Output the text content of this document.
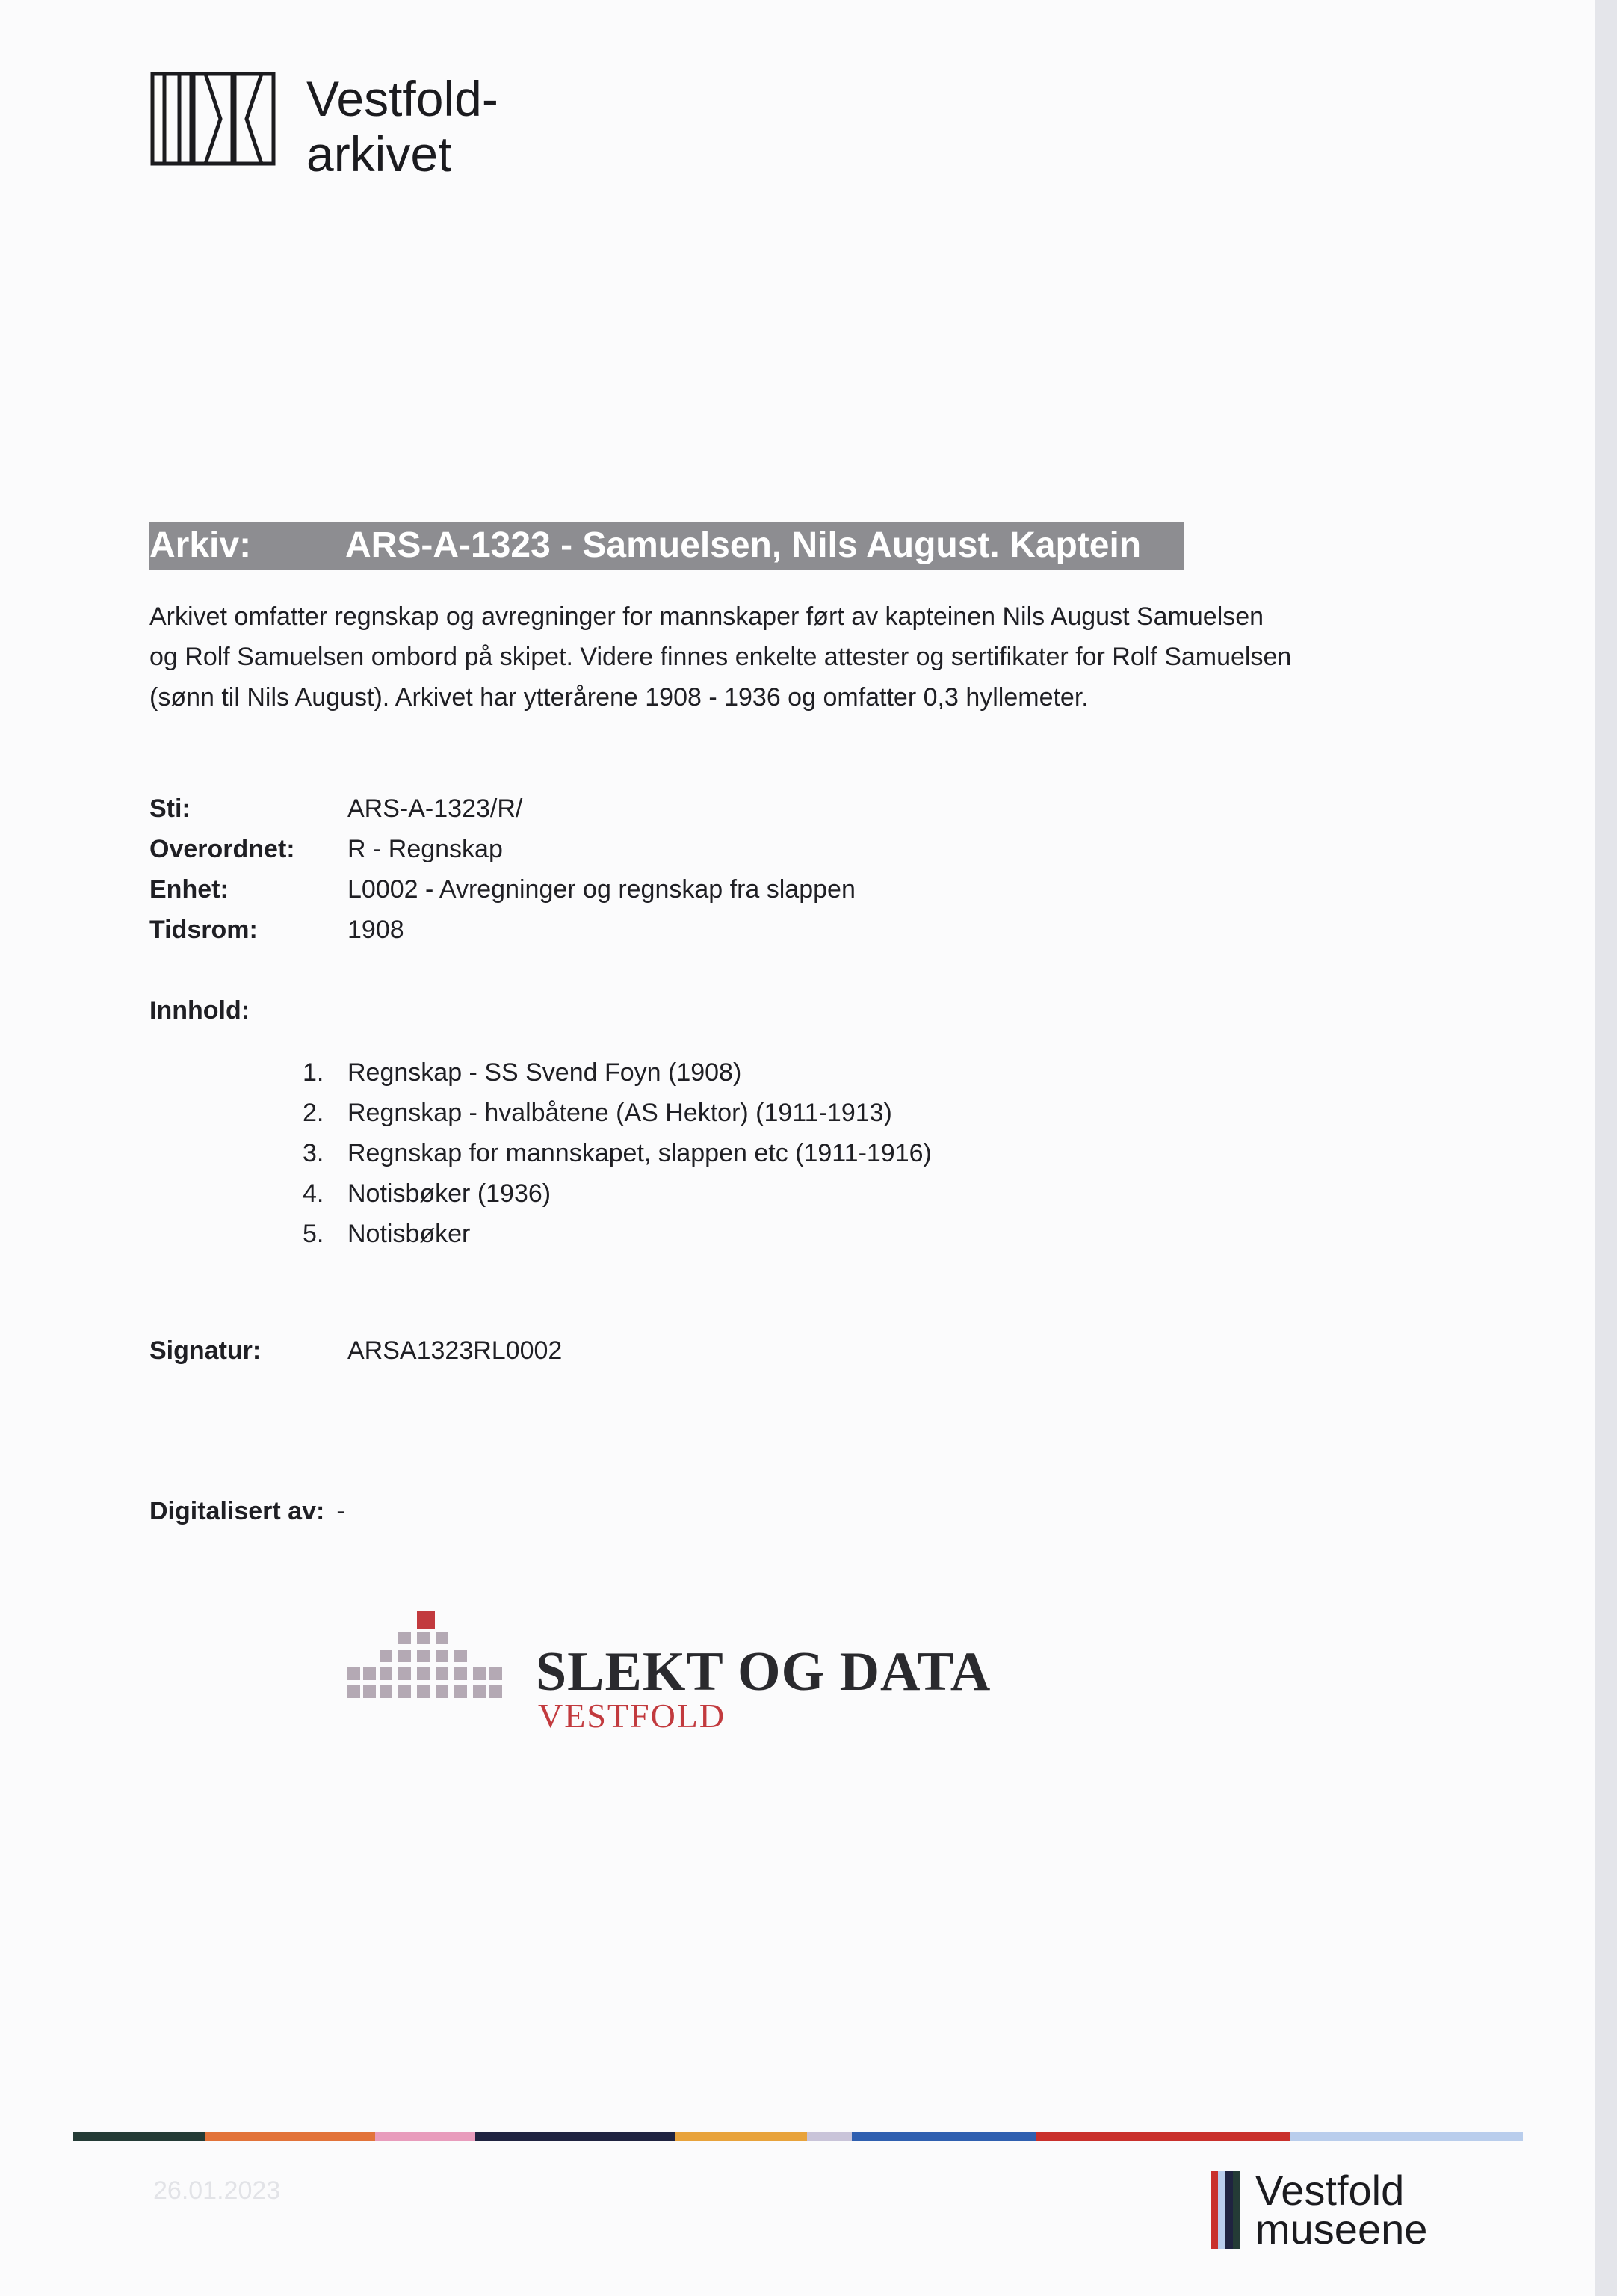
Vestfold-
arkivet
Arkiv:	ARS-A-1323 - Samuelsen, Nils August. Kaptein
Arkivet omfatter regnskap og avregninger for mannskaper ført av kapteinen Nils August Samuelsen
og Rolf Samuelsen ombord på skipet. Videre finnes enkelte attester og sertifikater for Rolf Samuelsen
(sønn til Nils August). Arkivet har ytterårene 1908 - 1936 og omfatter 0,3 hyllemeter.
Sti:	ARS-A-1323/R/
Overordnet:	R - Regnskap
Enhet:	L0002 - Avregninger og regnskap fra slappen
Tidsrom:	1908
Innhold:
1. Regnskap - SS Svend Foyn (1908)
2. Regnskap - hvalbåtene (AS Hektor) (1911-1913)
3. Regnskap for mannskapet, slappen etc (1911-1916)
4. Notisbøker (1936)
5. Notisbøker
Signatur:	ARSA1323RL0002
Digitalisert av: -
SLEKT OG DATA
VESTFOLD
26.01.2023	Vestfold
museene
